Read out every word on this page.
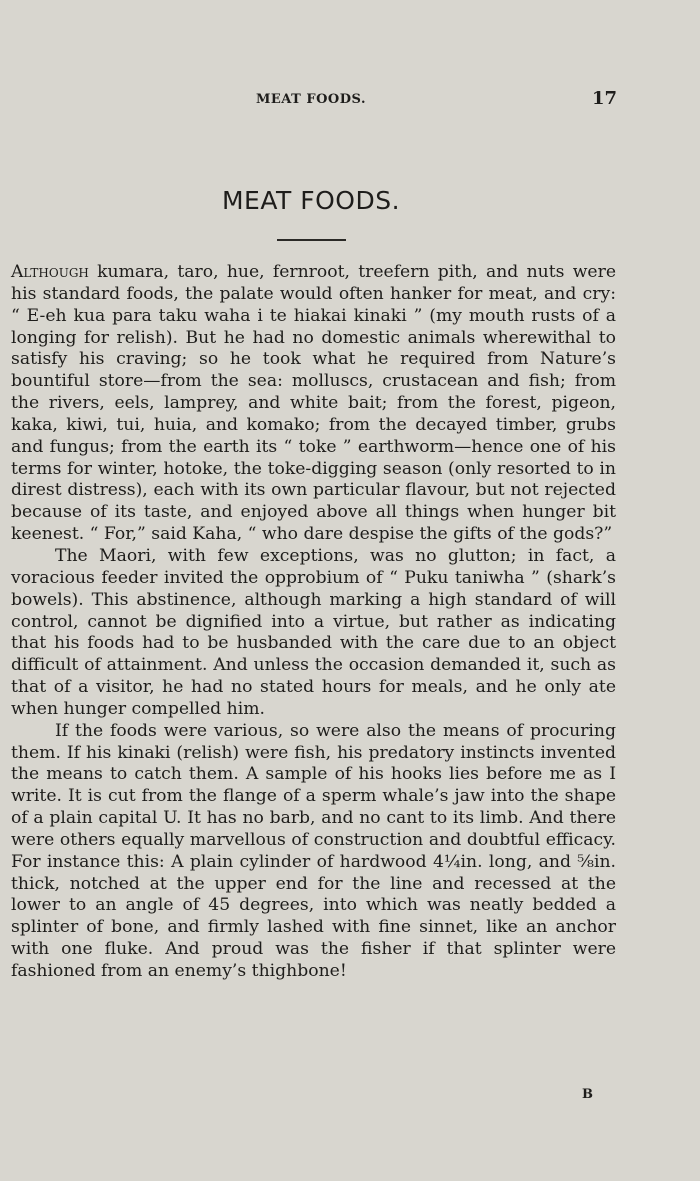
MEAT FOODS.	17
MEAT FOODS.

Although kumara, taro, hue, fernroot, treefern pith, and nuts were his standard foods, the palate would often hanker for meat, and cry: “ E-eh kua para taku waha i te hiakai kinaki ” (my mouth rusts of a longing for relish). But he had no domestic animals wherewithal to satisfy his craving; so he took what he required from Nature’s bountiful store—from the sea: molluscs, crustacean and fish; from the rivers, eels, lamprey, and white bait; from the forest, pigeon, kaka, kiwi, tui, huia, and komako; from the decayed timber, grubs and fungus; from the earth its “ toke ” earthworm—hence one of his terms for winter, hotoke, the toke-digging season (only resorted to in direst distress), each with its own particular flavour, but not rejected because of its taste, and enjoyed above all things when hunger bit keenest. “ For,” said Kaha, “ who dare despise the gifts of the gods?”

The Maori, with few exceptions, was no glutton; in fact, a voracious feeder invited the opprobium of “ Puku taniwha ” (shark’s bowels). This abstinence, although marking a high standard of will control, cannot be dignified into a virtue, but rather as indicating that his foods had to be husbanded with the care due to an object difficult of attainment. And unless the occasion demanded it, such as that of a visitor, he had no stated hours for meals, and he only ate when hunger compelled him.

If the foods were various, so were also the means of procuring them. If his kinaki (relish) were fish, his predatory instincts invented the means to catch them. A sample of his hooks lies before me as I write. It is cut from the flange of a sperm whale’s jaw into the shape of a plain capital U. It has no barb, and no cant to its limb. And there were others equally marvellous of construction and doubtful efficacy. For instance this: A plain cylinder of hardwood 4¼in. long, and ⅝in. thick, notched at the upper end for the line and recessed at the lower to an angle of 45 degrees, into which was neatly bedded a splinter of bone, and firmly lashed with fine sinnet, like an anchor with one fluke. And proud was the fisher if that splinter were fashioned from an enemy’s thighbone!

B
